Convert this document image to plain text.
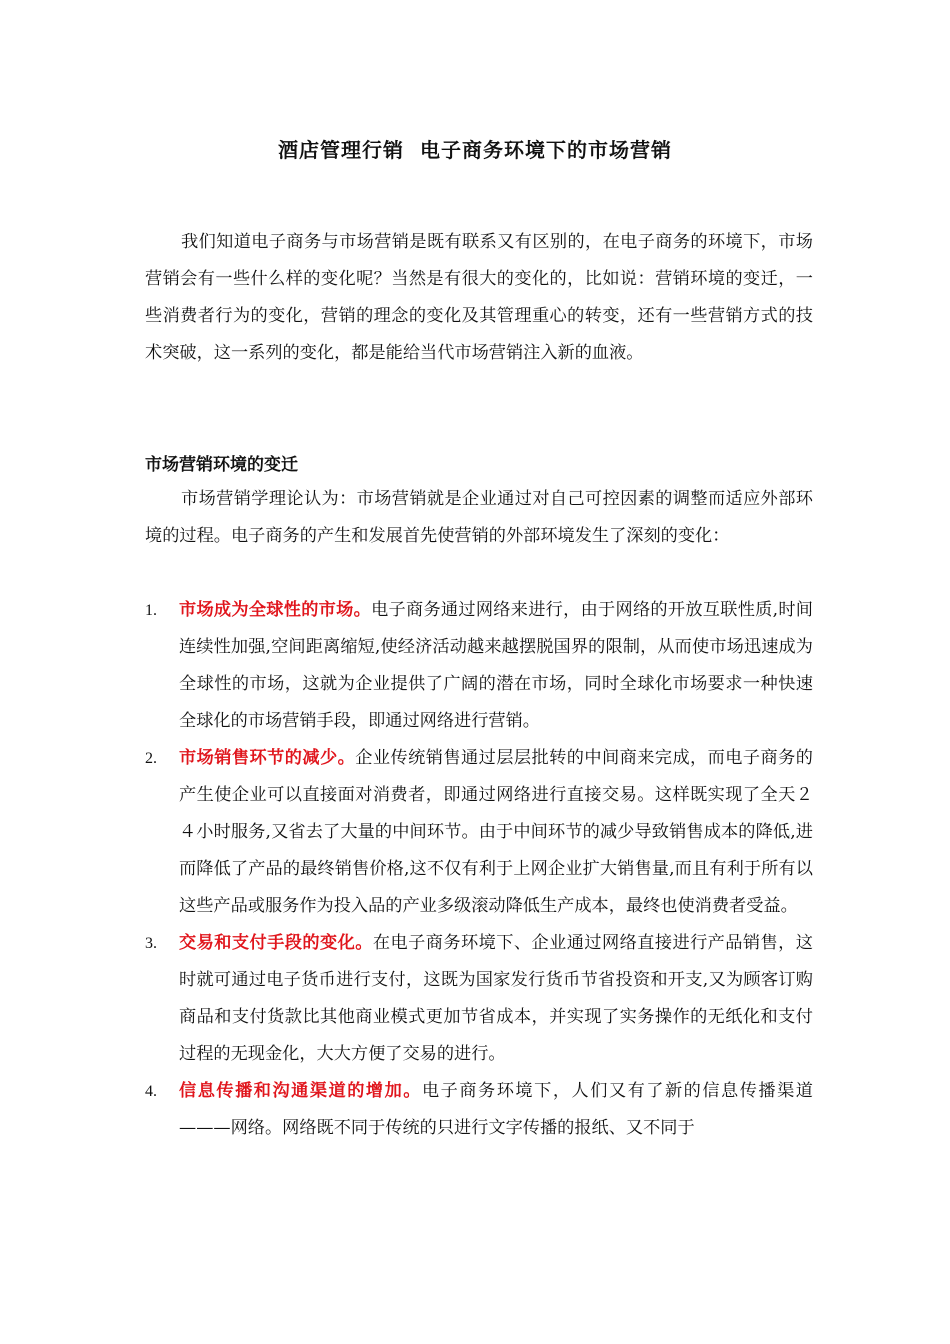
酒店管理行销  电子商务环境下的市场营销

我们知道电子商务与市场营销是既有联系又有区别的，在电子商务的环境下，市场营销会有一些什么样的变化呢？当然是有很大的变化的，比如说：营销环境的变迁，一些消费者行为的变化，营销的理念的变化及其管理重心的转变，还有一些营销方式的技术突破，这一系列的变化，都是能给当代市场营销注入新的血液。

市场营销环境的变迁

市场营销学理论认为：市场营销就是企业通过对自己可控因素的调整而适应外部环境的过程。电子商务的产生和发展首先使营销的外部环境发生了深刻的变化：

1. 市场成为全球性的市场。电子商务通过网络来进行，由于网络的开放互联性质,时间连续性加强,空间距离缩短,使经济活动越来越摆脱国界的限制，从而使市场迅速成为全球性的市场，这就为企业提供了广阔的潜在市场，同时全球化市场要求一种快速全球化的市场营销手段，即通过网络进行营销。

2. 市场销售环节的减少。企业传统销售通过层层批转的中间商来完成，而电子商务的产生使企业可以直接面对消费者，即通过网络进行直接交易。这样既实现了全天２４小时服务,又省去了大量的中间环节。由于中间环节的减少导致销售成本的降低,进而降低了产品的最终销售价格,这不仅有利于上网企业扩大销售量,而且有利于所有以这些产品或服务作为投入品的产业多级滚动降低生产成本，最终也使消费者受益。

3. 交易和支付手段的变化。在电子商务环境下、企业通过网络直接进行产品销售，这时就可通过电子货币进行支付，这既为国家发行货币节省投资和开支,又为顾客订购商品和支付货款比其他商业模式更加节省成本，并实现了实务操作的无纸化和支付过程的无现金化，大大方便了交易的进行。

4. 信息传播和沟通渠道的增加。电子商务环境下，人们又有了新的信息传播渠道———网络。网络既不同于传统的只进行文字传播的报纸、又不同于
